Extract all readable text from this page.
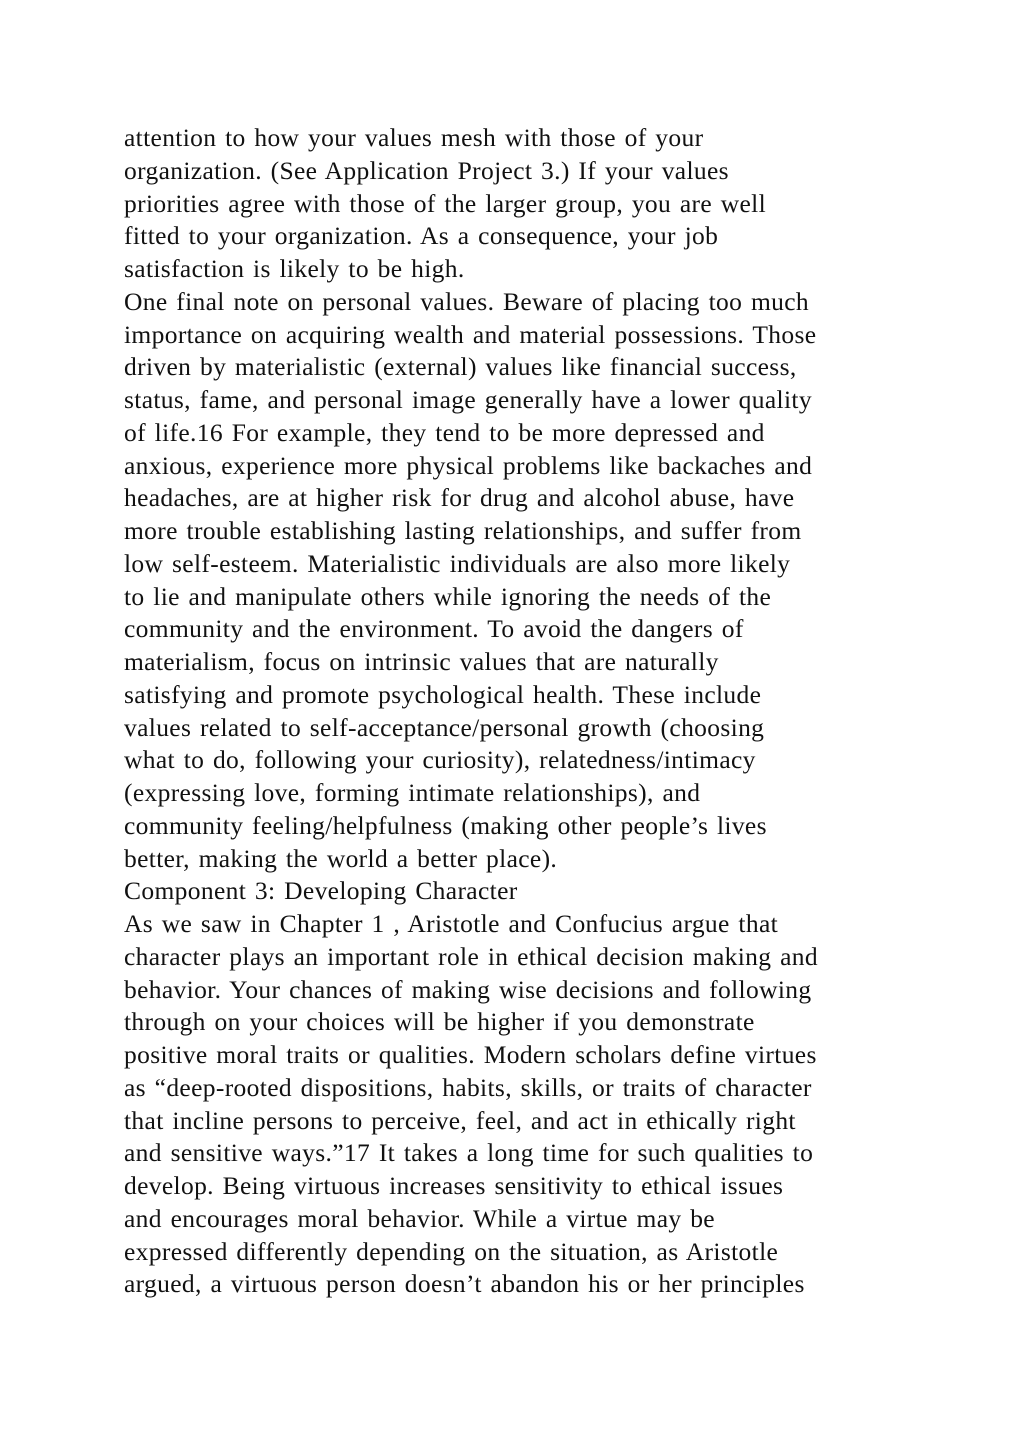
attention to how your values mesh with those of your
organization. (See Application Project 3.) If your values
priorities agree with those of the larger group, you are well
fitted to your organization. As a consequence, your job
satisfaction is likely to be high.
One final note on personal values. Beware of placing too much
importance on acquiring wealth and material possessions. Those
driven by materialistic (external) values like financial success,
status, fame, and personal image generally have a lower quality
of life.16 For example, they tend to be more depressed and
anxious, experience more physical problems like backaches and
headaches, are at higher risk for drug and alcohol abuse, have
more trouble establishing lasting relationships, and suffer from
low self-esteem. Materialistic individuals are also more likely
to lie and manipulate others while ignoring the needs of the
community and the environment. To avoid the dangers of
materialism, focus on intrinsic values that are naturally
satisfying and promote psychological health. These include
values related to self-acceptance/personal growth (choosing
what to do, following your curiosity), relatedness/intimacy
(expressing love, forming intimate relationships), and
community feeling/helpfulness (making other people’s lives
better, making the world a better place).
Component 3: Developing Character
As we saw in Chapter 1 , Aristotle and Confucius argue that
character plays an important role in ethical decision making and
behavior. Your chances of making wise decisions and following
through on your choices will be higher if you demonstrate
positive moral traits or qualities. Modern scholars define virtues
as “deep-rooted dispositions, habits, skills, or traits of character
that incline persons to perceive, feel, and act in ethically right
and sensitive ways.”17 It takes a long time for such qualities to
develop. Being virtuous increases sensitivity to ethical issues
and encourages moral behavior. While a virtue may be
expressed differently depending on the situation, as Aristotle
argued, a virtuous person doesn’t abandon his or her principles
